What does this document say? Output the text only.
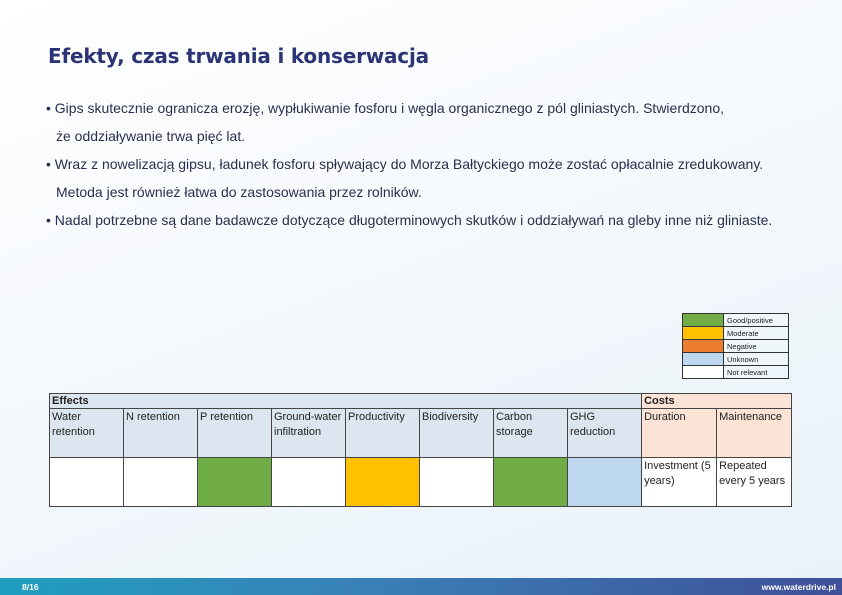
Efekty, czas trwania i konserwacja
• Gips skutecznie ogranicza erozję, wypłukiwanie fosforu i węgla organicznego z pól gliniastych. Stwierdzono,
że oddziaływanie trwa pięć lat.
• Wraz z nowelizacją gipsu, ładunek fosforu spływający do Morza Bałtyckiego może zostać opłacalnie zredukowany.
Metoda jest również łatwa do zastosowania przez rolników.
• Nadal potrzebne są dane badawcze dotyczące długoterminowych skutków i oddziaływań na gleby inne niż gliniaste.
	Good/positive
	Moderate
	Negative
	Unknown
	Not relevant
Effects								Costs	
Water retention	N retention	P retention	Ground-water infiltration	Productivity	Biodiversity	Carbon storage	GHG reduction	Duration	Maintenance
								Investment (5 years)	Repeated every 5 years
8/16	www.waterdrive.pl
